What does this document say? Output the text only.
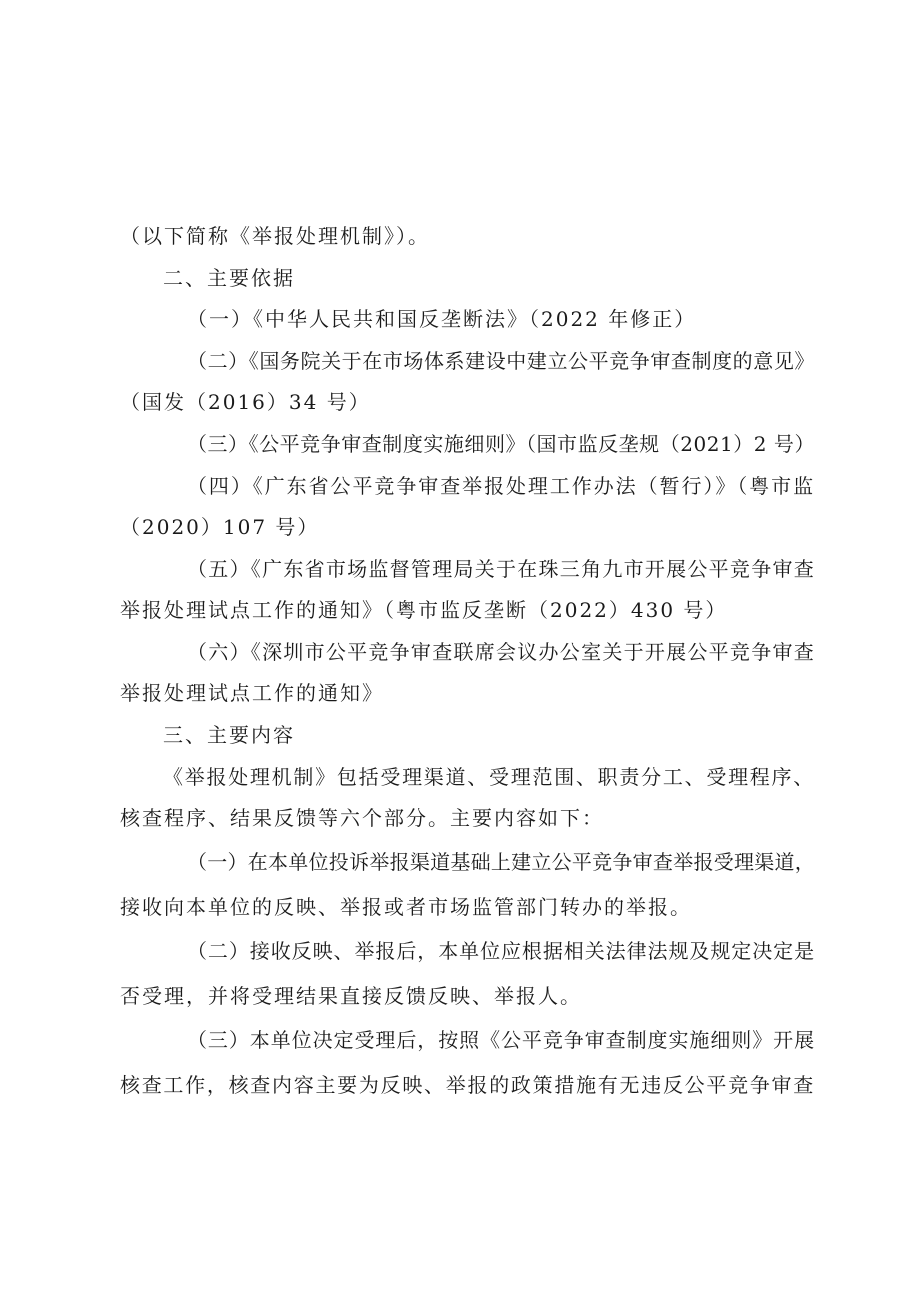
（以下简称《举报处理机制》）。
二、主要依据
（一）《中华人民共和国反垄断法》（2022 年修正）
（二）《国务院关于在市场体系建设中建立公平竞争审查制度的意见》
（国发（2016）34 号）
（三）《公平竞争审查制度实施细则》（国市监反垄规（2021）2 号）
（四）《广东省公平竞争审查举报处理工作办法（暂行）》（粤市监
（2020）107 号）
（五）《广东省市场监督管理局关于在珠三角九市开展公平竞争审查
举报处理试点工作的通知》（粤市监反垄断（2022）430 号）
（六）《深圳市公平竞争审查联席会议办公室关于开展公平竞争审查
举报处理试点工作的通知》
三、主要内容
《举报处理机制》包括受理渠道、受理范围、职责分工、受理程序、
核查程序、结果反馈等六个部分。主要内容如下：
（一）在本单位投诉举报渠道基础上建立公平竞争审查举报受理渠道，
接收向本单位的反映、举报或者市场监管部门转办的举报。
（二）接收反映、举报后，本单位应根据相关法律法规及规定决定是
否受理，并将受理结果直接反馈反映、举报人。
（三）本单位决定受理后，按照《公平竞争审查制度实施细则》开展
核查工作，核查内容主要为反映、举报的政策措施有无违反公平竞争审查
